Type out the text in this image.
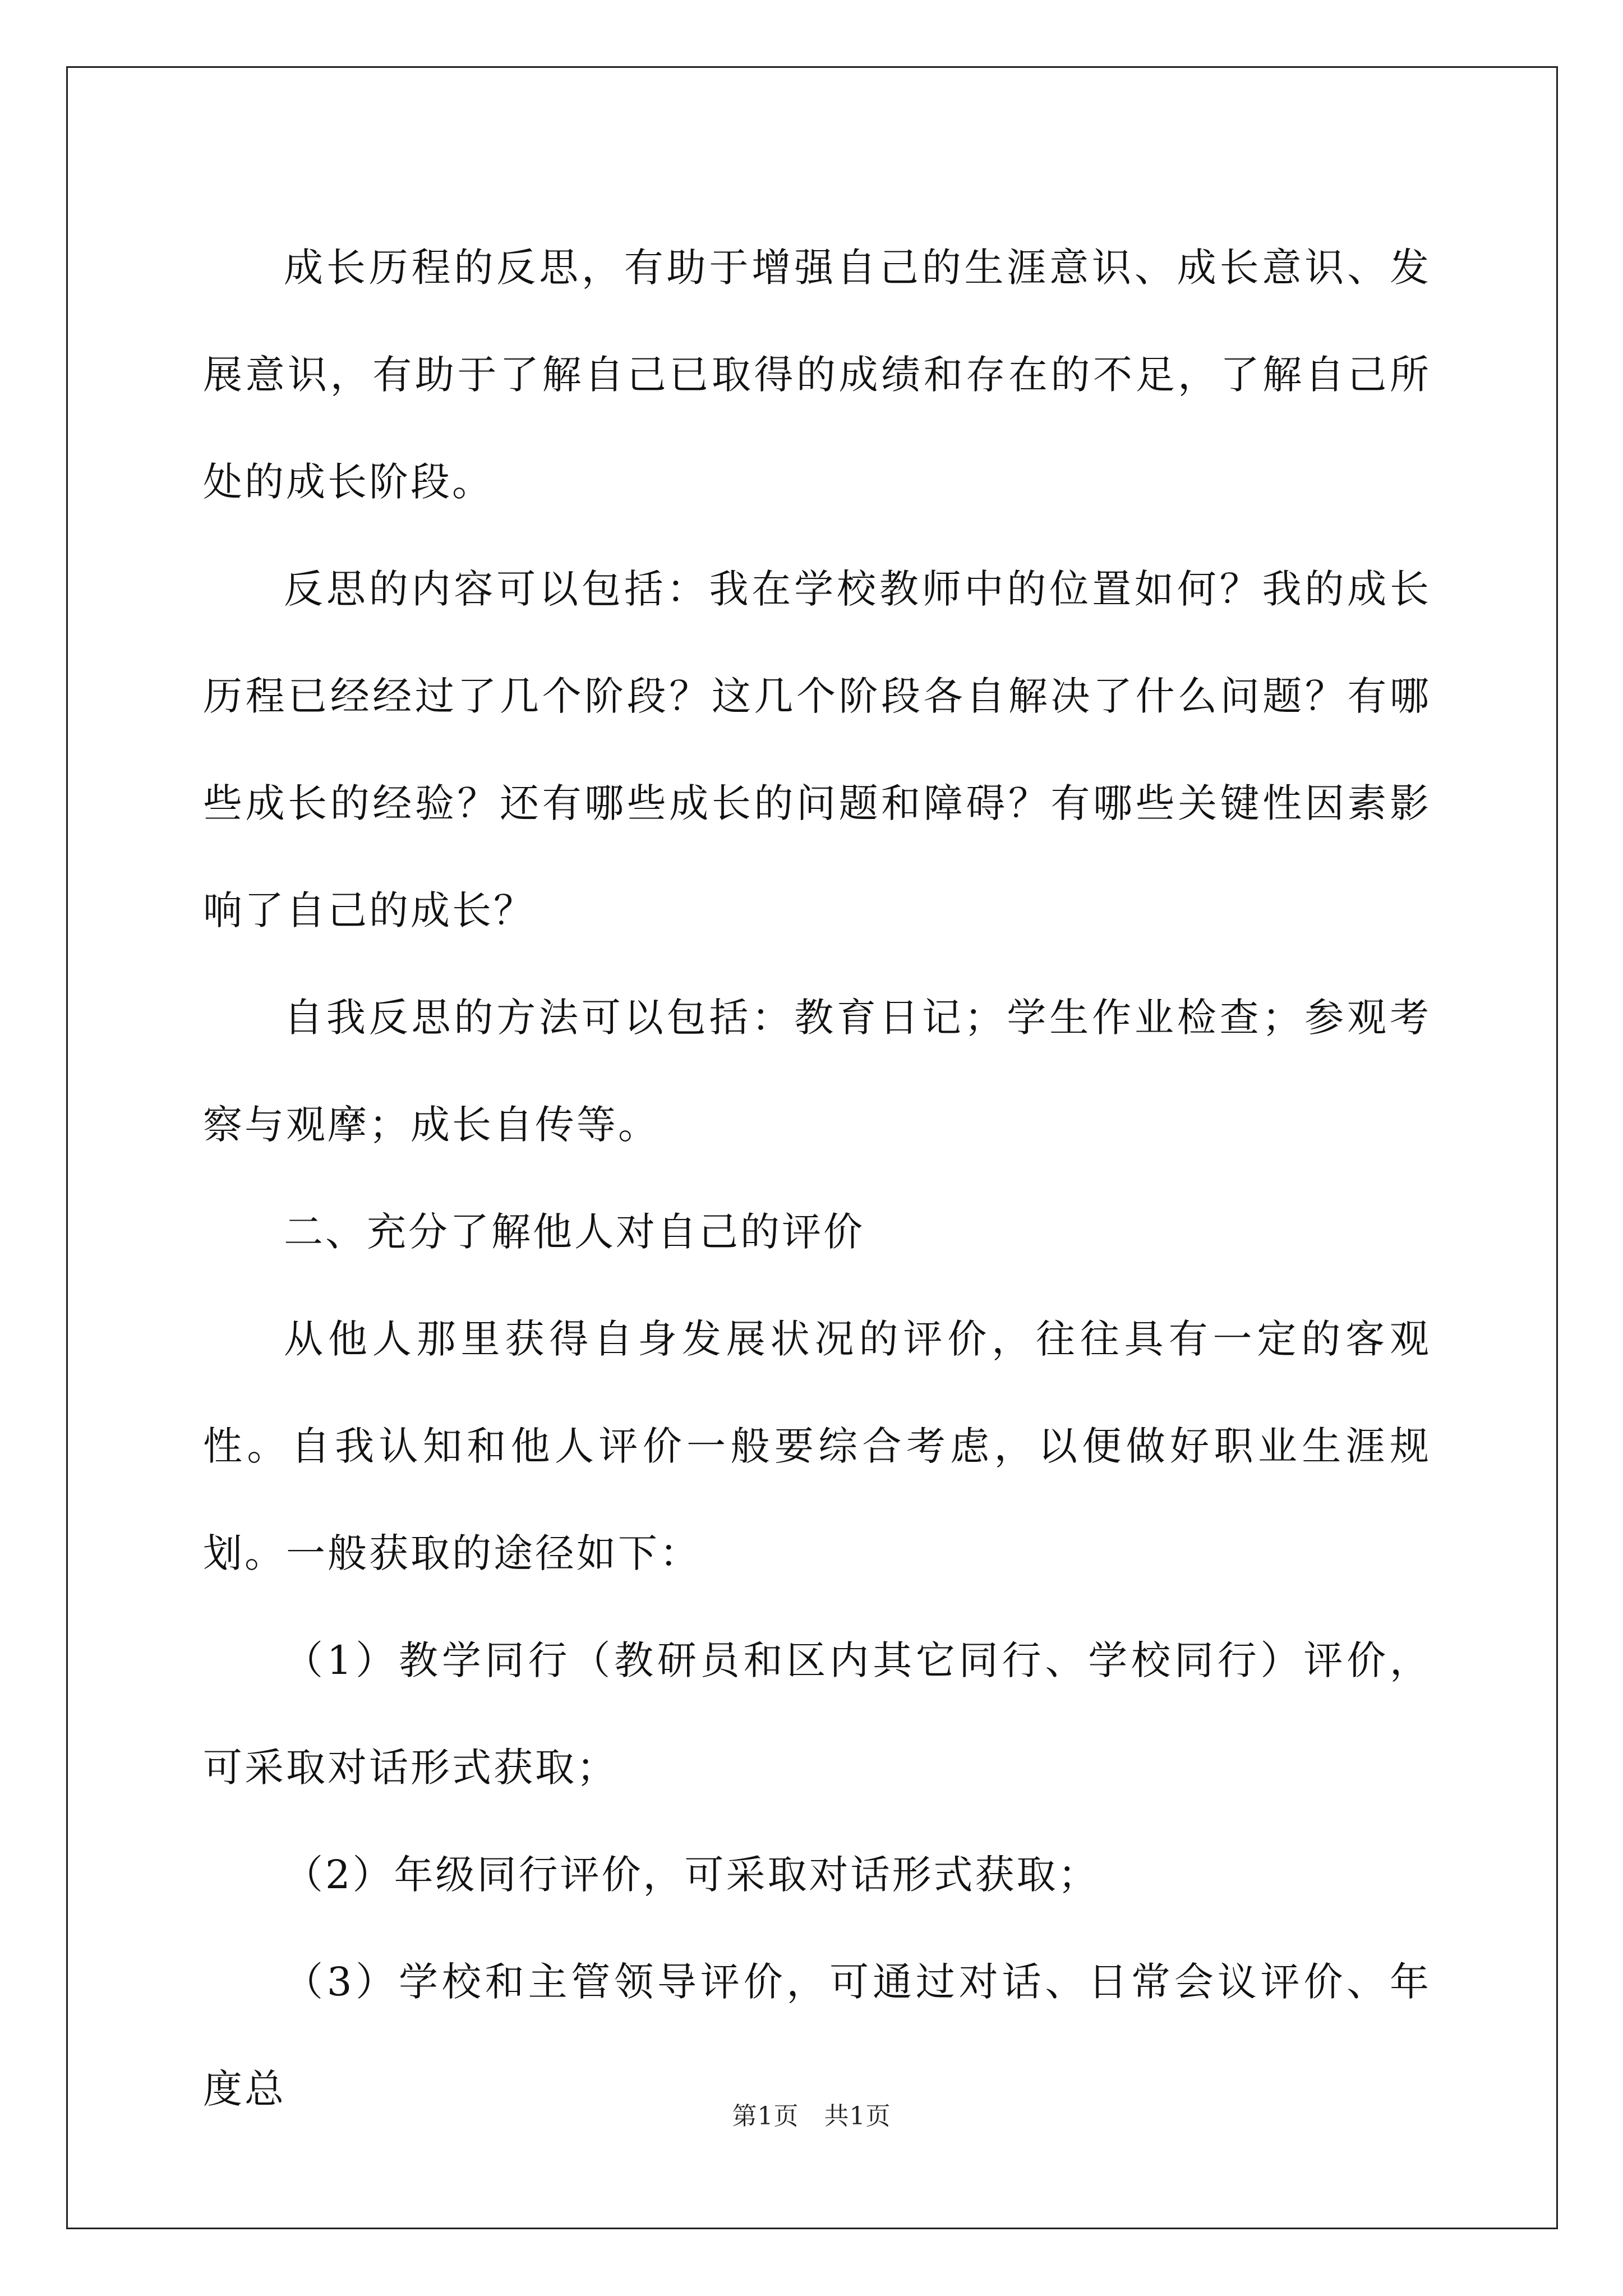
成长历程的反思，有助于增强自己的生涯意识、成长意识、发展意识，有助于了解自己已取得的成绩和存在的不足，了解自己所处的成长阶段。

反思的内容可以包括：我在学校教师中的位置如何？我的成长历程已经经过了几个阶段？这几个阶段各自解决了什么问题？有哪些成长的经验？还有哪些成长的问题和障碍？有哪些关键性因素影响了自己的成长？

自我反思的方法可以包括：教育日记；学生作业检查；参观考察与观摩；成长自传等。

二、充分了解他人对自己的评价

从他人那里获得自身发展状况的评价，往往具有一定的客观性。自我认知和他人评价一般要综合考虑，以便做好职业生涯规划。一般获取的途径如下：

（1）教学同行（教研员和区内其它同行、学校同行）评价，可采取对话形式获取；

（2）年级同行评价，可采取对话形式获取；

（3）学校和主管领导评价，可通过对话、日常会议评价、年度总

第1页 共1页
